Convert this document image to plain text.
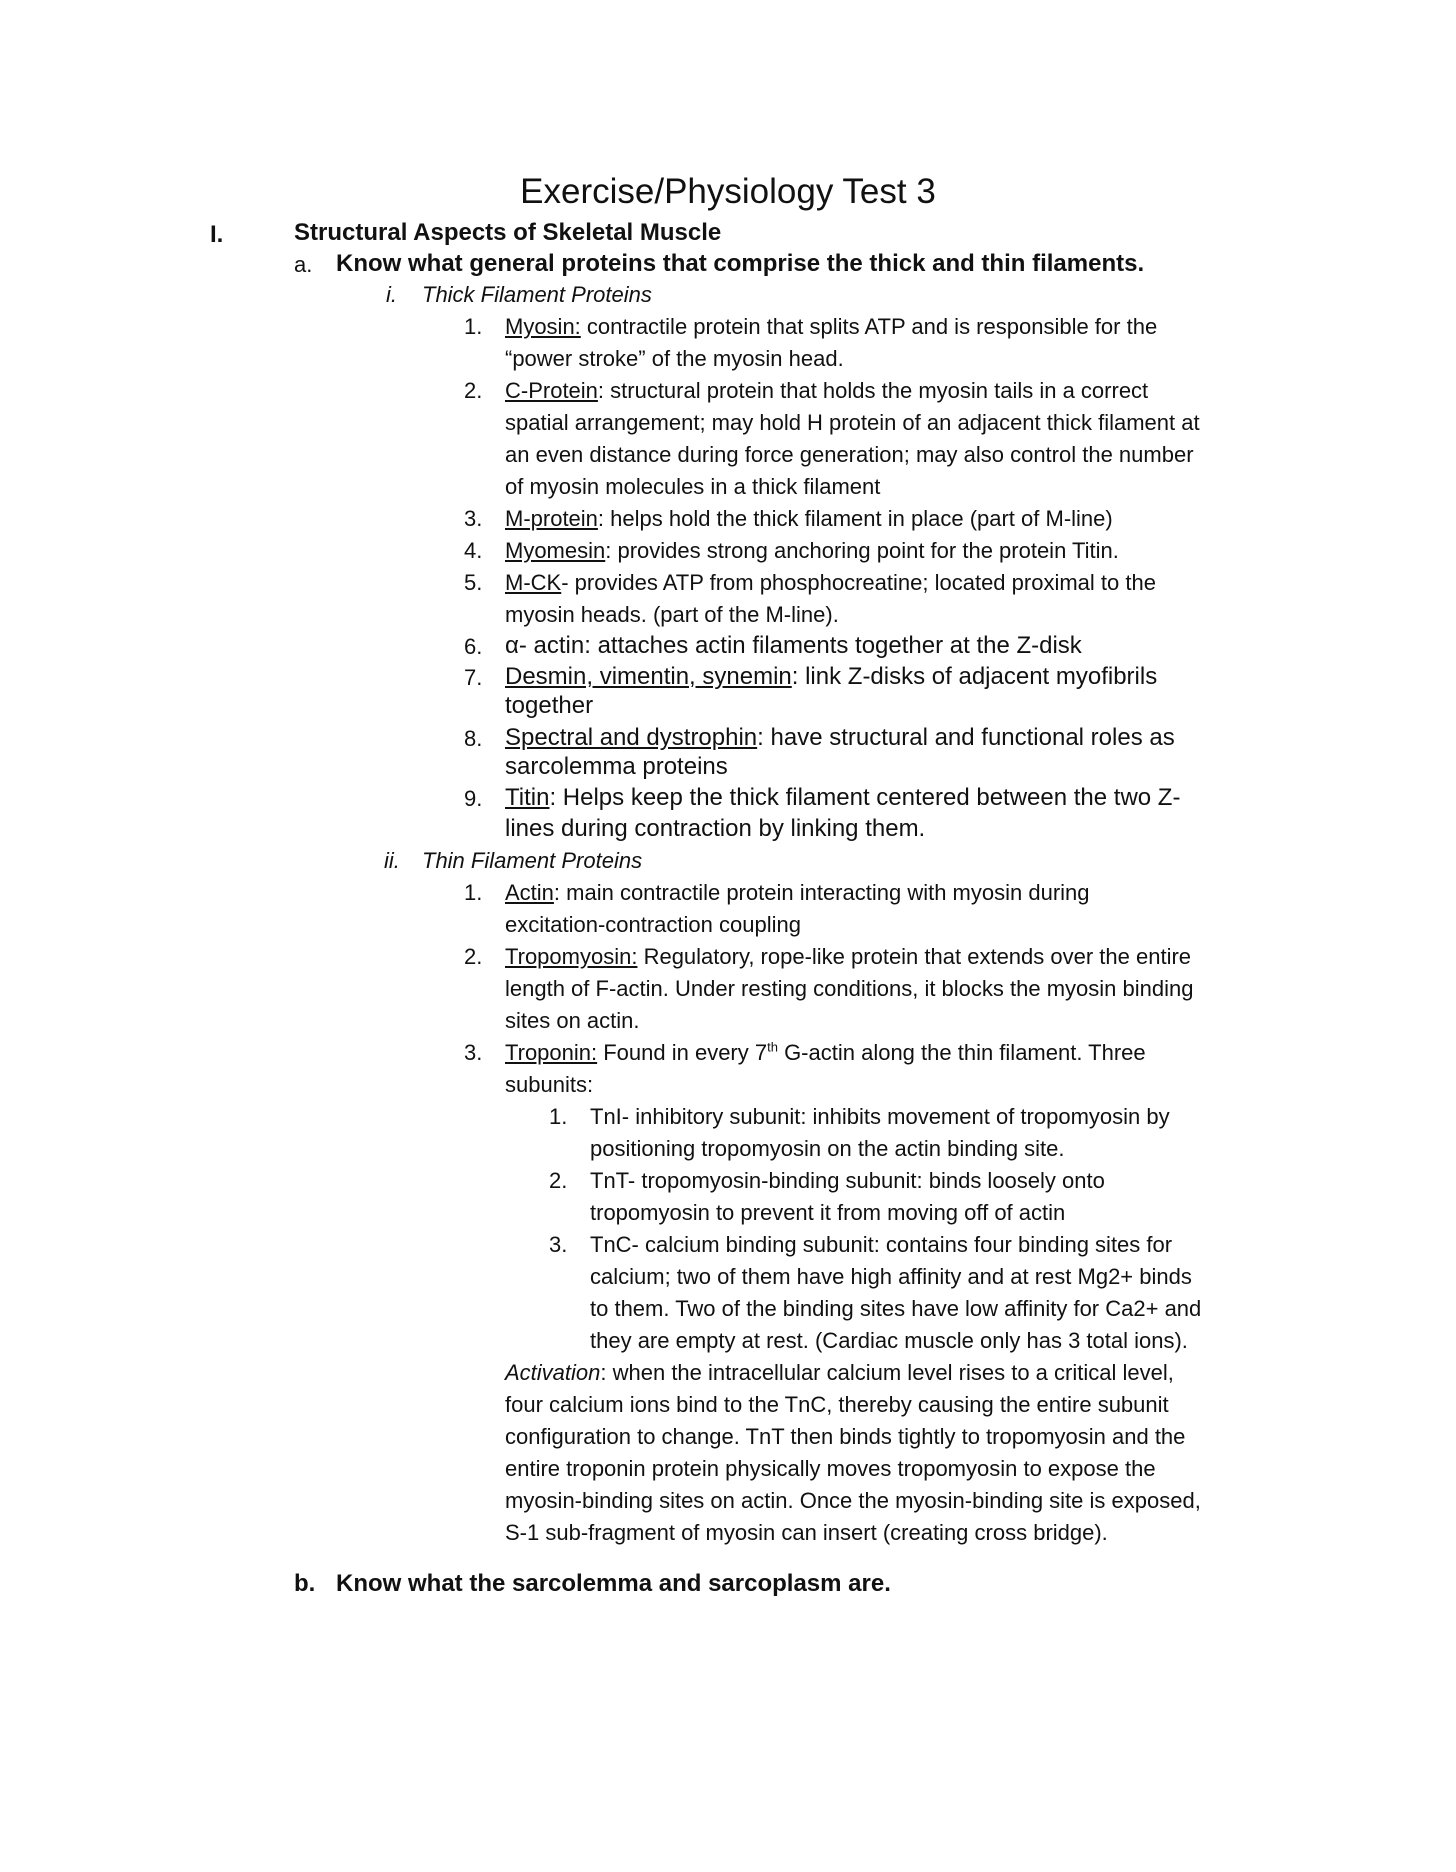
Exercise/Physiology Test 3
I.	Structural Aspects of Skeletal Muscle
a. Know what general proteins that comprise the thick and thin filaments.
i. Thick Filament Proteins
1. Myosin: contractile protein that splits ATP and is responsible for the
“power stroke” of the myosin head.
2. C-Protein: structural protein that holds the myosin tails in a correct
spatial arrangement; may hold H protein of an adjacent thick filament at
an even distance during force generation; may also control the number
of myosin molecules in a thick filament
3. M-protein: helps hold the thick filament in place (part of M-line)
4. Myomesin: provides strong anchoring point for the protein Titin.
5. M-CK- provides ATP from phosphocreatine; located proximal to the
myosin heads. (part of the M-line).
6. α- actin: attaches actin filaments together at the Z-disk
7. Desmin, vimentin, synemin: link Z-disks of adjacent myofibrils
together
8. Spectral and dystrophin: have structural and functional roles as
sarcolemma proteins
9. Titin: Helps keep the thick filament centered between the two Z-
lines during contraction by linking them.
ii. Thin Filament Proteins
1. Actin: main contractile protein interacting with myosin during
excitation-contraction coupling
2. Tropomyosin: Regulatory, rope-like protein that extends over the entire
length of F-actin. Under resting conditions, it blocks the myosin binding
sites on actin.
3. Troponin: Found in every 7th G-actin along the thin filament. Three
subunits:
1. TnI- inhibitory subunit: inhibits movement of tropomyosin by
positioning tropomyosin on the actin binding site.
2. TnT- tropomyosin-binding subunit: binds loosely onto
tropomyosin to prevent it from moving off of actin
3. TnC- calcium binding subunit: contains four binding sites for
calcium; two of them have high affinity and at rest Mg2+ binds
to them. Two of the binding sites have low affinity for Ca2+ and
they are empty at rest. (Cardiac muscle only has 3 total ions).
Activation: when the intracellular calcium level rises to a critical level,
four calcium ions bind to the TnC, thereby causing the entire subunit
configuration to change. TnT then binds tightly to tropomyosin and the
entire troponin protein physically moves tropomyosin to expose the
myosin-binding sites on actin. Once the myosin-binding site is exposed,
S-1 sub-fragment of myosin can insert (creating cross bridge).
b. Know what the sarcolemma and sarcoplasm are.
